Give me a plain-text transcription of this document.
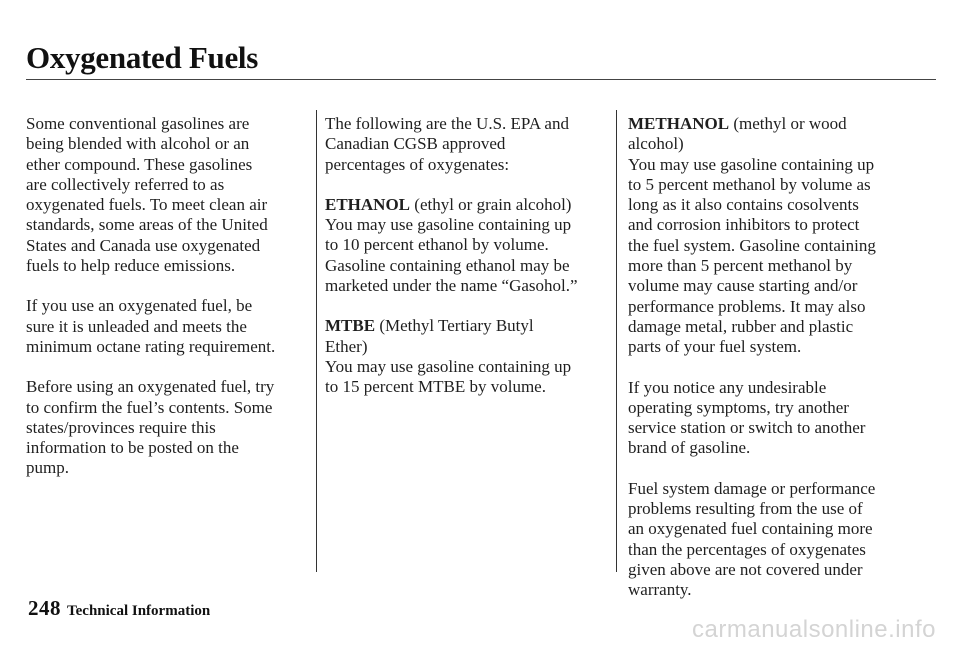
Oxygenated Fuels

Some conventional gasolines are
being blended with alcohol or an
ether compound. These gasolines
are collectively referred to as
oxygenated fuels. To meet clean air
standards, some areas of the United
States and Canada use oxygenated
fuels to help reduce emissions.

If you use an oxygenated fuel, be
sure it is unleaded and meets the
minimum octane rating requirement.

Before using an oxygenated fuel, try
to confirm the fuel’s contents. Some
states/provinces require this
information to be posted on the
pump.

The following are the U.S. EPA and
Canadian CGSB approved
percentages of oxygenates:

ETHANOL (ethyl or grain alcohol)
You may use gasoline containing up
to 10 percent ethanol by volume.
Gasoline containing ethanol may be
marketed under the name “Gasohol.”

MTBE (Methyl Tertiary Butyl
Ether)
You may use gasoline containing up
to 15 percent MTBE by volume.

METHANOL (methyl or wood
alcohol)
You may use gasoline containing up
to 5 percent methanol by volume as
long as it also contains cosolvents
and corrosion inhibitors to protect
the fuel system. Gasoline containing
more than 5 percent methanol by
volume may cause starting and/or
performance problems. It may also
damage metal, rubber and plastic
parts of your fuel system.

If you notice any undesirable
operating symptoms, try another
service station or switch to another
brand of gasoline.

Fuel system damage or performance
problems resulting from the use of
an oxygenated fuel containing more
than the percentages of oxygenates
given above are not covered under
warranty.

248 Technical Information
carmanualsonline.info
